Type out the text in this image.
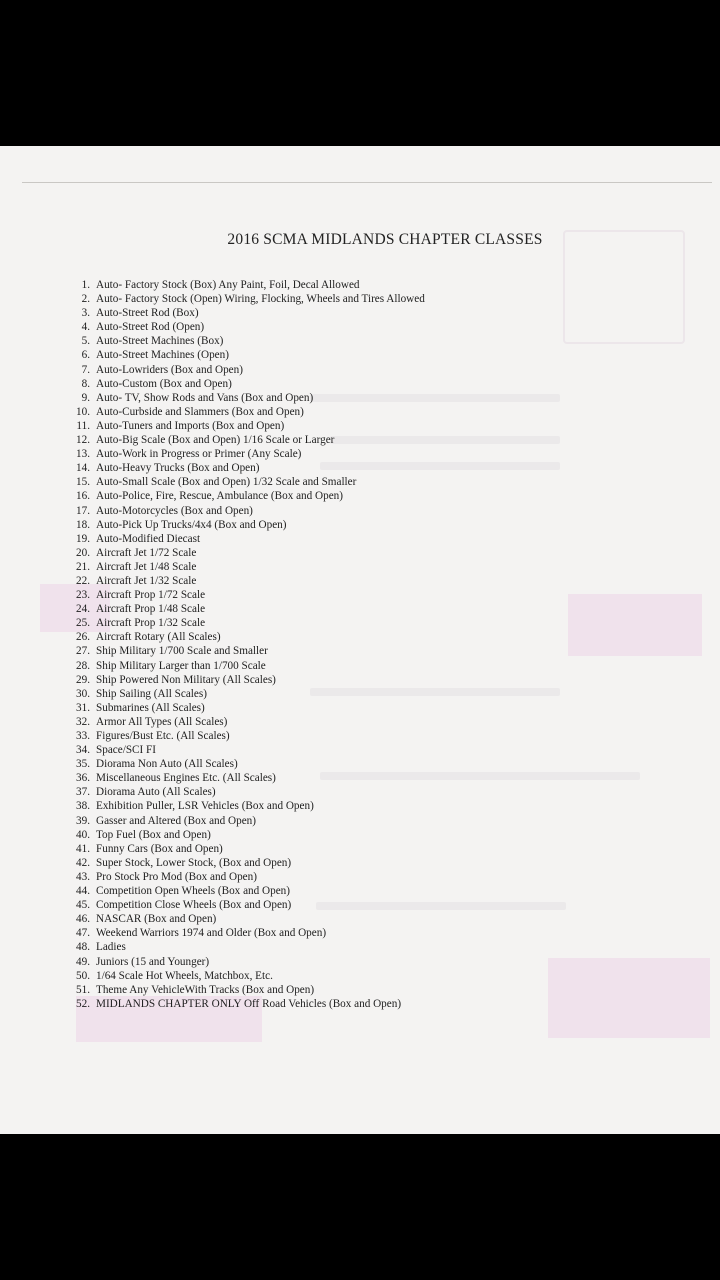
2016 SCMA MIDLANDS CHAPTER CLASSES
1. Auto- Factory Stock (Box) Any Paint, Foil, Decal Allowed
2. Auto- Factory Stock (Open) Wiring, Flocking, Wheels and Tires Allowed
3. Auto-Street Rod (Box)
4. Auto-Street Rod (Open)
5. Auto-Street Machines (Box)
6. Auto-Street Machines (Open)
7. Auto-Lowriders (Box and Open)
8. Auto-Custom (Box and Open)
9. Auto- TV, Show Rods and Vans (Box and Open)
10. Auto-Curbside and Slammers (Box and Open)
11. Auto-Tuners and Imports (Box and Open)
12. Auto-Big Scale (Box and Open) 1/16 Scale or Larger
13. Auto-Work in Progress or Primer (Any Scale)
14. Auto-Heavy Trucks (Box and Open)
15. Auto-Small Scale (Box and Open) 1/32 Scale and Smaller
16. Auto-Police, Fire, Rescue, Ambulance (Box and Open)
17. Auto-Motorcycles (Box and Open)
18. Auto-Pick Up Trucks/4x4 (Box and Open)
19. Auto-Modified Diecast
20. Aircraft Jet 1/72 Scale
21. Aircraft Jet 1/48 Scale
22. Aircraft Jet 1/32 Scale
23. Aircraft Prop 1/72 Scale
24. Aircraft Prop 1/48 Scale
25. Aircraft Prop 1/32 Scale
26. Aircraft Rotary (All Scales)
27. Ship Military 1/700 Scale and Smaller
28. Ship Military Larger than 1/700 Scale
29. Ship Powered Non Military (All Scales)
30. Ship Sailing (All Scales)
31. Submarines (All Scales)
32. Armor All Types (All Scales)
33. Figures/Bust Etc. (All Scales)
34. Space/SCI FI
35. Diorama Non Auto (All Scales)
36. Miscellaneous Engines Etc. (All Scales)
37. Diorama Auto (All Scales)
38. Exhibition Puller, LSR Vehicles (Box and Open)
39. Gasser and Altered (Box and Open)
40. Top Fuel (Box and Open)
41. Funny Cars (Box and Open)
42. Super Stock, Lower Stock, (Box and Open)
43. Pro Stock Pro Mod (Box and Open)
44. Competition Open Wheels (Box and Open)
45. Competition Close Wheels (Box and Open)
46. NASCAR (Box and Open)
47. Weekend Warriors 1974 and Older (Box and Open)
48. Ladies
49. Juniors (15 and Younger)
50. 1/64 Scale Hot Wheels, Matchbox, Etc.
51. Theme Any VehicleWith Tracks (Box and Open)
52. MIDLANDS CHAPTER ONLY Off Road Vehicles (Box and Open)
